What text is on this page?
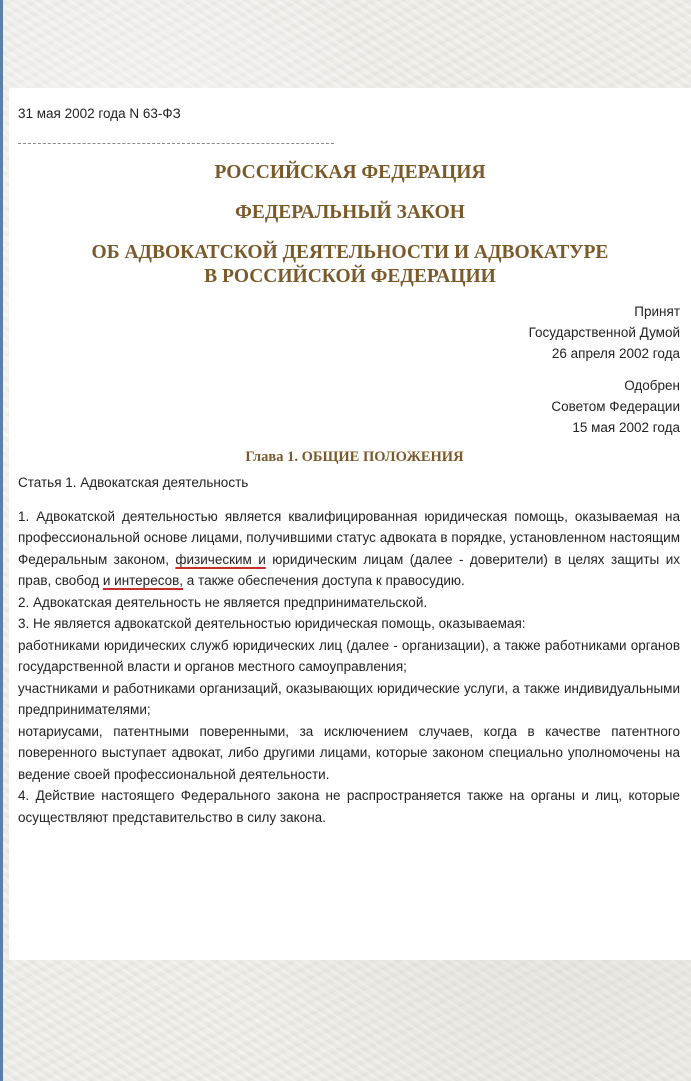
31 мая 2002 года N 63-ФЗ

РОССИЙСКАЯ ФЕДЕРАЦИЯ
ФЕДЕРАЛЬНЫЙ ЗАКОН
ОБ АДВОКАТСКОЙ ДЕЯТЕЛЬНОСТИ И АДВОКАТУРЕ
В РОССИЙСКОЙ ФЕДЕРАЦИИ
Принят
Государственной Думой
26 апреля 2002 года
Одобрен
Советом Федерации
15 мая 2002 года
Глава 1. ОБЩИЕ ПОЛОЖЕНИЯ

Статья 1. Адвокатская деятельность

1. Адвокатской деятельностью является квалифицированная юридическая помощь, оказываемая на профессиональной основе лицами, получившими статус адвоката в порядке, установленном настоящим Федеральным законом, физическим и юридическим лицам (далее - доверители) в целях защиты их прав, свобод и интересов, а также обеспечения доступа к правосудию.

2. Адвокатская деятельность не является предпринимательской.

3. Не является адвокатской деятельностью юридическая помощь, оказываемая:

работниками юридических служб юридических лиц (далее - организации), а также работниками органов государственной власти и органов местного самоуправления;

участниками и работниками организаций, оказывающих юридические услуги, а также индивидуальными предпринимателями;

нотариусами, патентными поверенными, за исключением случаев, когда в качестве патентного поверенного выступает адвокат, либо другими лицами, которые законом специально уполномочены на ведение своей профессиональной деятельности.

4. Действие настоящего Федерального закона не распространяется также на органы и лиц, которые осуществляют представительство в силу закона.
